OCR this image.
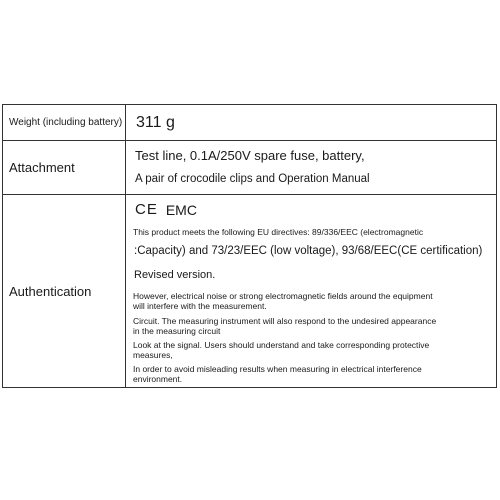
Weight (including battery) 311 g
Attachment
Test line, 0.1A/250V spare fuse, battery,
A pair of crocodile clips and Operation Manual
Authentication
CE EMC
This product meets the following EU directives: 89/336/EEC (electromagnetic
:Capacity) and 73/23/EEC (low voltage), 93/68/EEC(CE certification)
Revised version.
However, electrical noise or strong electromagnetic fields around the equipment
will interfere with the measurement.
Circuit. The measuring instrument will also respond to the undesired appearance
in the measuring circuit
Look at the signal. Users should understand and take corresponding protective
measures,
In order to avoid misleading results when measuring in electrical interference
environment.
